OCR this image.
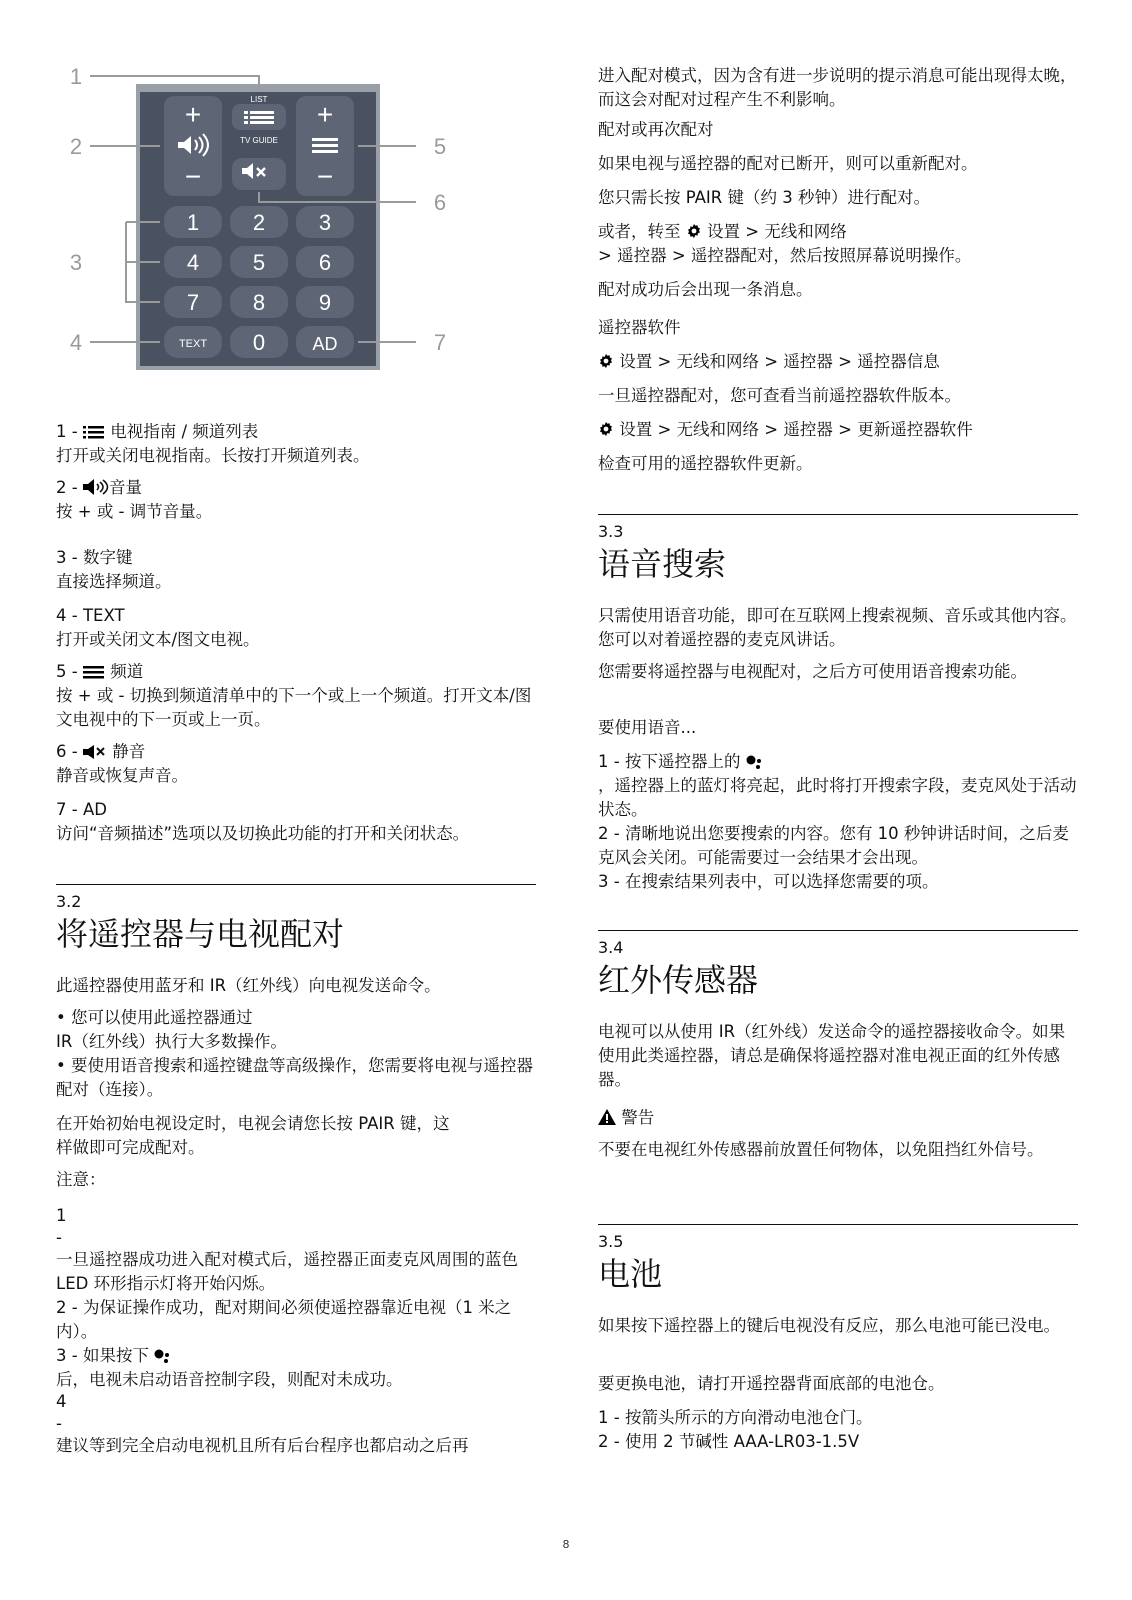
+
−
LIST
TV GUIDE
+
−
1 2 3
4 5 6
7 8 9
TEXT 0	AD
1
2
3
4
5
6
7

1 -  电视指南 / 频道列表

打开或关闭电视指南。长按打开频道列表。

2 - 音量

按 + 或 - 调节音量。

3 - 数字键

直接选择频道。

4 - TEXT

打开或关闭文本/图文电视。

5 -  频道

按 + 或 - 切换到频道清单中的下一个或上一个频道。打开文本/图文电视中的下一页或上一页。

6 -  静音

静音或恢复声音。

7 - AD

访问“音频描述”选项以及切换此功能的打开和关闭状态。

3.2
将遥控器与电视配对

此遥控器使用蓝牙和 IR（红外线）向电视发送命令。

• 您可以使用此遥控器通过

IR（红外线）执行大多数操作。

• 要使用语音搜索和遥控键盘等高级操作，您需要将电视与遥控器配对（连接）。

在开始初始电视设定时，电视会请您长按 PAIR 键，这样做即可完成配对。

注意：

1

-

一旦遥控器成功进入配对模式后，遥控器正面麦克风周围的蓝色 LED 环形指示灯将开始闪烁。

2 - 为保证操作成功，配对期间必须使遥控器靠近电视（1 米之内）。

3 - 如果按下

后，电视未启动语音控制字段，则配对未成功。

4

-

建议等到完全启动电视机且所有后台程序也都启动之后再

进入配对模式，因为含有进一步说明的提示消息可能出现得太晚，而这会对配对过程产生不利影响。

配对或再次配对

如果电视与遥控器的配对已断开，则可以重新配对。

您只需长按 PAIR 键（约 3 秒钟）进行配对。

或者，转至  设置 > 无线和网络

> 遥控器 > 遥控器配对，然后按照屏幕说明操作。

配对成功后会出现一条消息。

遥控器软件

设置 > 无线和网络 > 遥控器 > 遥控器信息

一旦遥控器配对，您可查看当前遥控器软件版本。

设置 > 无线和网络 > 遥控器 > 更新遥控器软件

检查可用的遥控器软件更新。

3.3
语音搜索

只需使用语音功能，即可在互联网上搜索视频、音乐或其他内容。您可以对着遥控器的麦克风讲话。

您需要将遥控器与电视配对，之后方可使用语音搜索功能。

要使用语音...

1 - 按下遥控器上的

，遥控器上的蓝灯将亮起，此时将打开搜索字段，麦克风处于活动状态。

2 - 清晰地说出您要搜索的内容。您有 10 秒钟讲话时间，之后麦克风会关闭。可能需要过一会结果才会出现。

3 - 在搜索结果列表中，可以选择您需要的项。

3.4
红外传感器

电视可以从使用 IR（红外线）发送命令的遥控器接收命令。如果使用此类遥控器，请总是确保将遥控器对准电视正面的红外传感器。

警告

不要在电视红外传感器前放置任何物体，以免阻挡红外信号。

3.5
电池

如果按下遥控器上的键后电视没有反应，那么电池可能已没电。

要更换电池，请打开遥控器背面底部的电池仓。

1 - 按箭头所示的方向滑动电池仓门。

2 - 使用 2 节碱性 AAA-LR03-1.5V

8
